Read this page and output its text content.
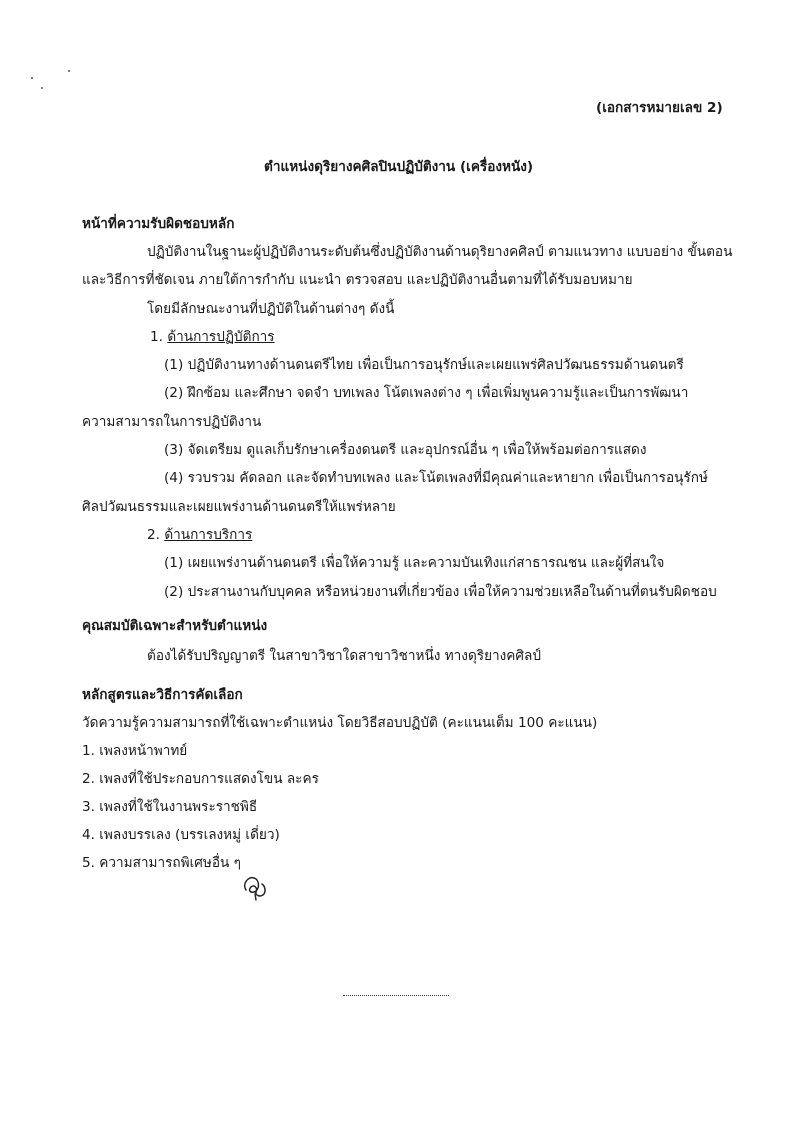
(เอกสารหมายเลข 2)
ตำแหน่งดุริยางคศิลปินปฏิบัติงาน (เครื่องหนัง)
หน้าที่ความรับผิดชอบหลัก
ปฏิบัติงานในฐานะผู้ปฏิบัติงานระดับต้นซึ่งปฏิบัติงานด้านดุริยางคศิลป์ ตามแนวทาง แบบอย่าง ขั้นตอน
และวิธีการที่ชัดเจน ภายใต้การกำกับ แนะนำ ตรวจสอบ และปฏิบัติงานอื่นตามที่ได้รับมอบหมาย
โดยมีลักษณะงานที่ปฏิบัติในด้านต่างๆ ดังนี้
1. ด้านการปฏิบัติการ
(1) ปฏิบัติงานทางด้านดนตรีไทย เพื่อเป็นการอนุรักษ์และเผยแพร่ศิลปวัฒนธรรมด้านดนตรี
(2) ฝึกซ้อม และศึกษา จดจำ บทเพลง โน้ตเพลงต่าง ๆ เพื่อเพิ่มพูนความรู้และเป็นการพัฒนา
ความสามารถในการปฏิบัติงาน
(3) จัดเตรียม ดูแลเก็บรักษาเครื่องดนตรี และอุปกรณ์อื่น ๆ เพื่อให้พร้อมต่อการแสดง
(4) รวบรวม คัดลอก และจัดทำบทเพลง และโน้ตเพลงที่มีคุณค่าและหายาก เพื่อเป็นการอนุรักษ์
ศิลปวัฒนธรรมและเผยแพร่งานด้านดนตรีให้แพร่หลาย
2. ด้านการบริการ
(1) เผยแพร่งานด้านดนตรี เพื่อให้ความรู้ และความบันเทิงแก่สาธารณชน และผู้ที่สนใจ
(2) ประสานงานกับบุคคล หรือหน่วยงานที่เกี่ยวข้อง เพื่อให้ความช่วยเหลือในด้านที่ตนรับผิดชอบ
คุณสมบัติเฉพาะสำหรับตำแหน่ง
ต้องได้รับปริญญาตรี ในสาขาวิชาใดสาขาวิชาหนึ่ง ทางดุริยางคศิลป์
หลักสูตรและวิธีการคัดเลือก
วัดความรู้ความสามารถที่ใช้เฉพาะตำแหน่ง โดยวิธีสอบปฏิบัติ (คะแนนเต็ม 100 คะแนน)
1. เพลงหน้าพาทย์
2. เพลงที่ใช้ประกอบการแสดงโขน ละคร
3. เพลงที่ใช้ในงานพระราชพิธี
4. เพลงบรรเลง (บรรเลงหมู่ เดี่ยว)
5. ความสามารถพิเศษอื่น ๆ
